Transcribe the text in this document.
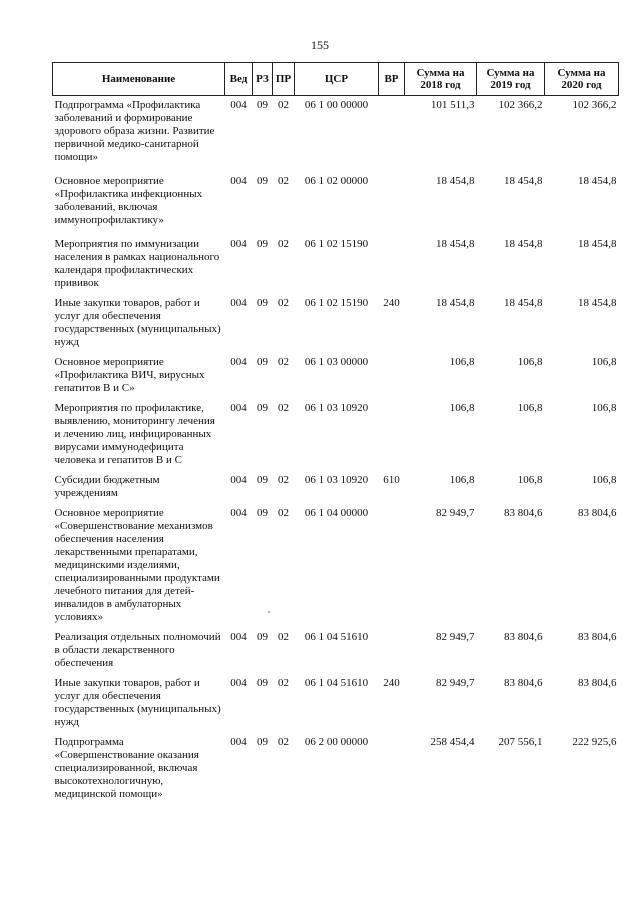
155
Наименование	Вед	РЗ	ПР	ЦСР	ВР	Сумма на 2018 год	Сумма на 2019 год	Сумма на 2020 год
Подпрограмма «Профилактика заболеваний и формирование здорового образа жизни. Развитие первичной медико-санитарной помощи»	004	09	02	06 1 00 00000		101 511,3	102 366,2	102 366,2
Основное мероприятие «Профилактика инфекционных заболеваний, включая иммунопрофилактику»	004	09	02	06 1 02 00000		18 454,8	18 454,8	18 454,8
Мероприятия по иммунизации населения в рамках национального календаря профилактических прививок	004	09	02	06 1 02 15190		18 454,8	18 454,8	18 454,8
Иные закупки товаров, работ и услуг для обеспечения государственных (муниципальных) нужд	004	09	02	06 1 02 15190	240	18 454,8	18 454,8	18 454,8
Основное мероприятие «Профилактика ВИЧ, вирусных гепатитов В и С»	004	09	02	06 1 03 00000		106,8	106,8	106,8
Мероприятия по профилактике, выявлению, мониторингу лечения и лечению лиц, инфицированных вирусами иммунодефицита человека и гепатитов В и С	004	09	02	06 1 03 10920		106,8	106,8	106,8
Субсидии бюджетным учреждениям	004	09	02	06 1 03 10920	610	106,8	106,8	106,8
Основное мероприятие «Совершенствование механизмов обеспечения населения лекарственными препаратами, медицинскими изделиями, специализированными продуктами лечебного питания для детей-инвалидов в амбулаторных условиях»	004	09	02	06 1 04 00000		82 949,7	83 804,6	83 804,6
Реализация отдельных полномочий в области лекарственного обеспечения	004	09	02	06 1 04 51610		82 949,7	83 804,6	83 804,6
Иные закупки товаров, работ и услуг для обеспечения государственных (муниципальных) нужд	004	09	02	06 1 04 51610	240	82 949,7	83 804,6	83 804,6
Подпрограмма «Совершенствование оказания специализированной, включая высокотехнологичную, медицинской помощи»	004	09	02	06 2 00 00000		258 454,4	207 556,1	222 925,6
